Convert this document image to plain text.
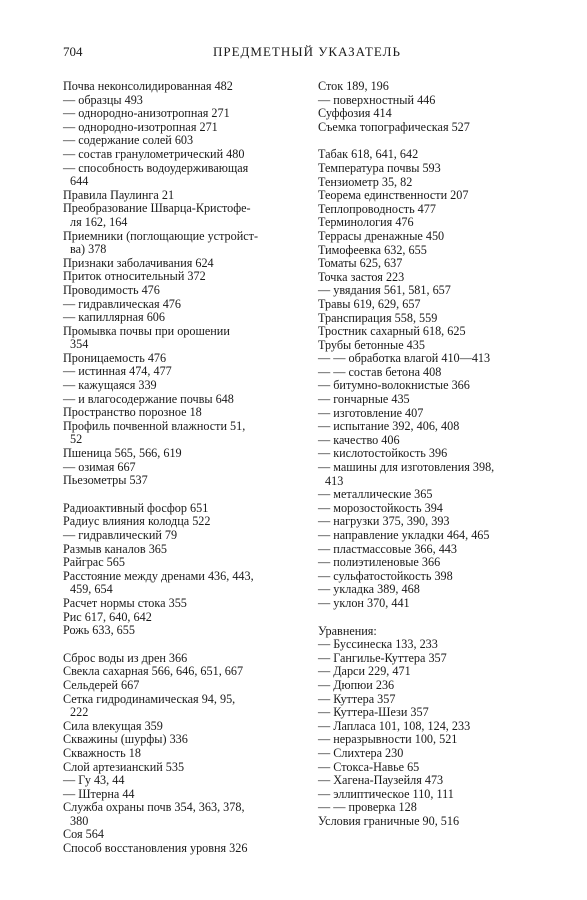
704	ПРЕДМЕТНЫЙ УКАЗАТЕЛЬ
Почва неконсолидированная 482
— образцы 493
— однородно-анизотропная 271
— однородно-изотропная 271
— содержание солей 603
— состав гранулометрический 480
— способность водоудерживающая
644
Правила Паулинга 21
Преобразование Шварца-Кристофе-
ля 162, 164
Приемники (поглощающие устройст-
ва) 378
Признаки заболачивания 624
Приток относительный 372
Проводимость 476
— гидравлическая 476
— капиллярная 606
Промывка почвы при орошении
354
Проницаемость 476
— истинная 474, 477
— кажущаяся 339
— и влагосодержание почвы 648
Пространство порозное 18
Профиль почвенной влажности 51,
52
Пшеница 565, 566, 619
— озимая 667
Пьезометры 537
Радиоактивный фосфор 651
Радиус влияния колодца 522
— гидравлический 79
Размыв каналов 365
Райграс 565
Расстояние между дренами 436, 443,
459, 654
Расчет нормы стока 355
Рис 617, 640, 642
Рожь 633, 655
Сброс воды из дрен 366
Свекла сахарная 566, 646, 651, 667
Сельдерей 667
Сетка гидродинамическая 94, 95,
222
Сила влекущая 359
Скважины (шурфы) 336
Скважность 18
Слой артезианский 535
— Гу 43, 44
— Штерна 44
Служба охраны почв 354, 363, 378,
380
Соя 564
Способ восстановления уровня 326
Сток 189, 196
— поверхностный 446
Суффозия 414
Съемка топографическая 527
Табак 618, 641, 642
Температура почвы 593
Тензиометр 35, 82
Теорема единственности 207
Теплопроводность 477
Терминология 476
Террасы дренажные 450
Тимофеевка 632, 655
Томаты 625, 637
Точка застоя 223
— увядания 561, 581, 657
Травы 619, 629, 657
Транспирация 558, 559
Тростник сахарный 618, 625
Трубы бетонные 435
— — обработка влагой 410—413
— — состав бетона 408
— битумно-волокнистые 366
— гончарные 435
— изготовление 407
— испытание 392, 406, 408
— качество 406
— кислотостойкость 396
— машины для изготовления 398,
413
— металлические 365
— морозостойкость 394
— нагрузки 375, 390, 393
— направление укладки 464, 465
— пластмассовые 366, 443
— полиэтиленовые 366
— сульфатостойкость 398
— укладка 389, 468
— уклон 370, 441
Уравнения:
— Буссинеска 133, 233
— Гангилье-Куттера 357
— Дарси 229, 471
— Дюпюи 236
— Куттера 357
— Куттера-Шези 357
— Лапласа 101, 108, 124, 233
— неразрывности 100, 521
— Слихтера 230
— Стокса-Навье 65
— Хагена-Паузейля 473
— эллиптическое 110, 111
— — проверка 128
Условия граничные 90, 516
